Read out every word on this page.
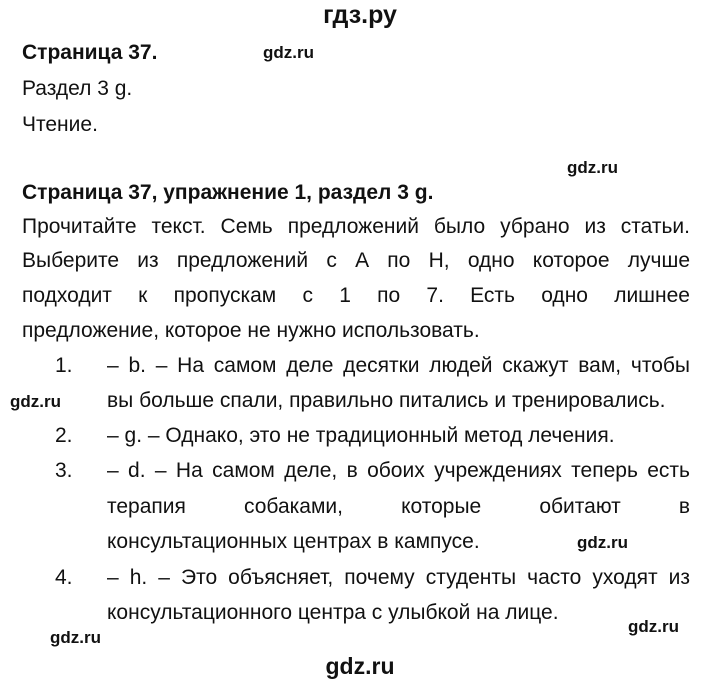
гдз.ру
Страница 37.	gdz.ru
Раздел 3 g.
Чтение.
gdz.ru
Страница 37, упражнение 1, раздел 3 g.
Прочитайте текст. Семь предложений было убрано из статьи.
Выберите из предложений с А по Н, одно которое лучше
подходит к пропускам с 1 по 7. Есть одно лишнее
предложение, которое не нужно использовать.
1. – b. – На самом деле десятки людей скажут вам, чтобы
gdz.ru вы больше спали, правильно питались и тренировались.
2. – g. – Однако, это не традиционный метод лечения.
3. – d. – На самом деле, в обоих учреждениях теперь есть
терапия собаками, которые обитают в
консультационных центрах в кампусе.	gdz.ru
4. – h. – Это объясняет, почему студенты часто уходят из
консультационного центра с улыбкой на лице.
gdz.ru
gdz.ru
gdz.ru
